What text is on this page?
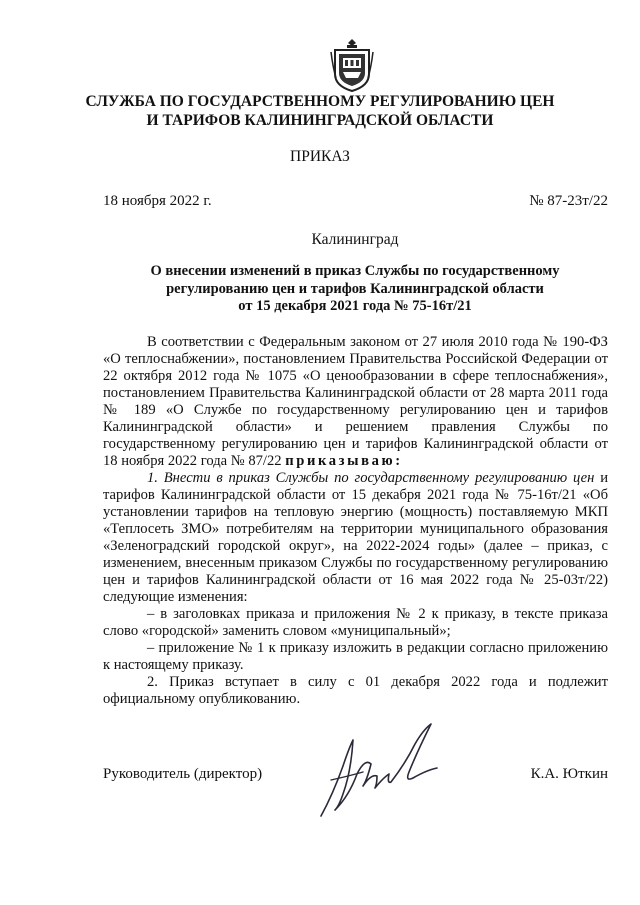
СЛУЖБА ПО ГОСУДАРСТВЕННОМУ РЕГУЛИРОВАНИЮ ЦЕН
И ТАРИФОВ КАЛИНИНГРАДСКОЙ ОБЛАСТИ
ПРИКАЗ
18 ноября 2022 г.	№ 87-23т/22
Калининград
О внесении изменений в приказ Службы по государственному
регулированию цен и тарифов Калининградской области
от 15 декабря 2021 года № 75-16т/21

В соответствии с Федеральным законом от 27 июля 2010 года № 190-ФЗ «О теплоснабжении», постановлением Правительства Российской Федерации от 22 октября 2012 года № 1075 «О ценообразовании в сфере теплоснабжения», постановлением Правительства Калининградской области от 28 марта 2011 года № 189 «О Службе по государственному регулированию цен и тарифов Калининградской области» и решением правления Службы по государственному регулированию цен и тарифов Калининградской области от 18 ноября 2022 года № 87/22 приказываю:

1. Внести в приказ Службы по государственному регулированию цен и тарифов Калининградской области от 15 декабря 2021 года № 75-16т/21 «Об установлении тарифов на тепловую энергию (мощность) поставляемую МКП «Теплосеть ЗМО» потребителям на территории муниципального образования «Зеленоградский городской округ», на 2022-2024 годы» (далее – приказ, с изменением, внесенным приказом Службы по государственному регулированию цен и тарифов Калининградской области от 16 мая 2022 года № 25-03т/22) следующие изменения:

– в заголовках приказа и приложения № 2 к приказу, в тексте приказа слово «городской» заменить словом «муниципальный»;

– приложение № 1 к приказу изложить в редакции согласно приложению к настоящему приказу.

2. Приказ вступает в силу с 01 декабря 2022 года и подлежит официальному опубликованию.

Руководитель (директор)	К.А. Юткин
